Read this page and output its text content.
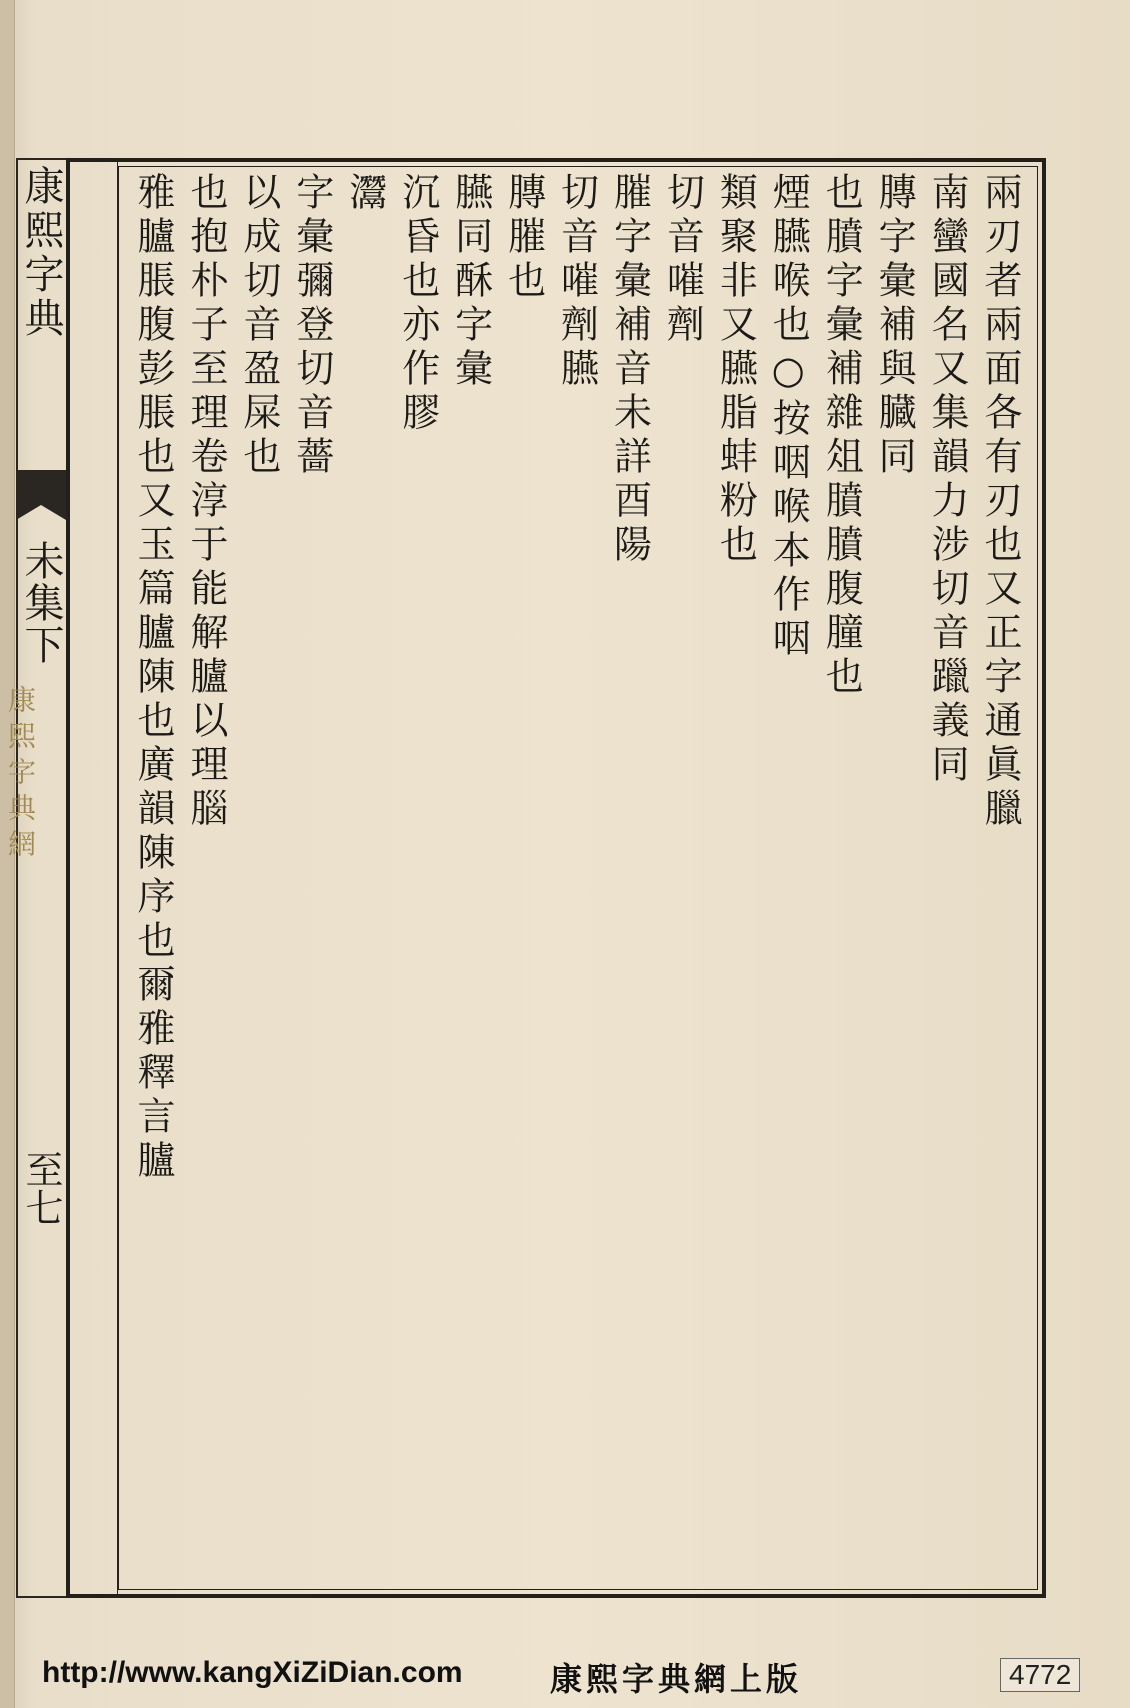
康熙字典
未集下
康熙字典網
至七
兩刃者兩面各有刃也又正字通眞臘
南蠻國名又集韻力涉切音躐義同
膞字彙補與臓同
也膹字彙補雜俎膹膹腹朣也
煙臙喉也○按咽喉本作咽
類聚非又臙脂蚌粉也
切音嗺劑
膗字彙補音未詳酉陽
切音嗺劑臙
膞膗也
臙同酥字彙
沉昏也亦作膠
灊
字彙彌登切音薔
以成切音盈屎也
也抱朴子至理卷淳于能解臚以理腦
雅臚脹腹彭脹也又玉篇臚陳也廣韻陳序也爾雅釋言臚
http://www.kangXiZiDian.com	康熙字典網上版	4772
